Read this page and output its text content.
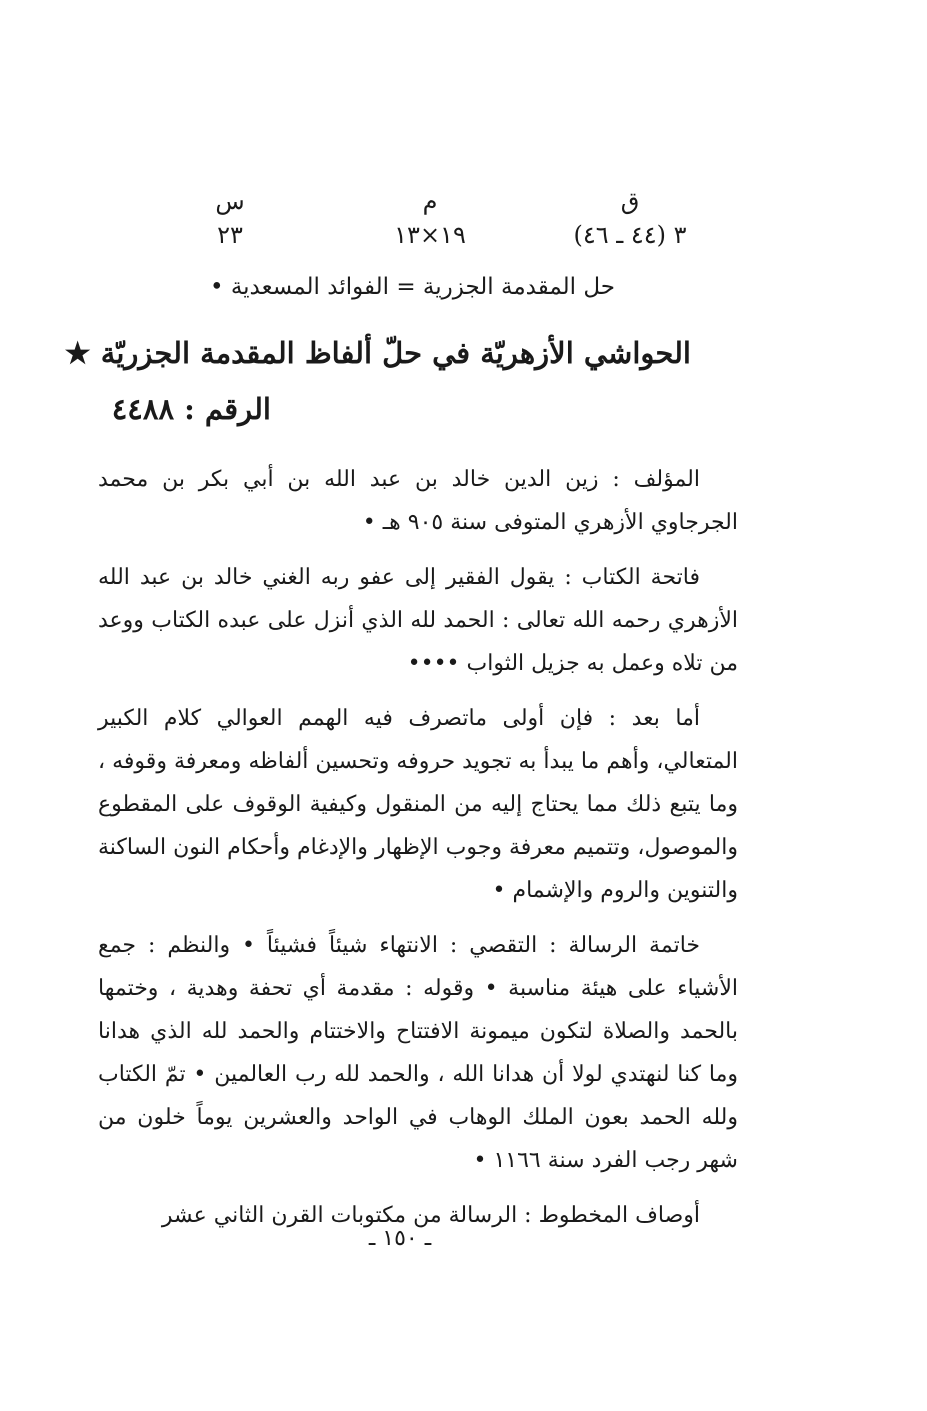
ق
٣ (٤٤ ـ ٤٦)
م
١٩×١٣
س
٢٣
حل المقدمة الجزرية = الفوائد المسعدية •
الحواشي الأزهريّة في حلّ ألفاظ المقدمة الجزريّة ★
الرقم : ٤٤٨٨

المؤلف : زين الدين خالد بن عبد الله بن أبي بكر بن محمد الجرجاوي الأزهري المتوفى سنة ٩٠٥ هـ •

فاتحة الكتاب : يقول الفقير إلى عفو ربه الغني خالد بن عبد الله الأزهري رحمه الله تعالى : الحمد لله الذي أنزل على عبده الكتاب ووعد من تلاه وعمل به جزيل الثواب ••••

أما بعد : فإن أولى ماتصرف فيه الهمم العوالي كلام الكبير المتعالي، وأهم ما يبدأ به تجويد حروفه وتحسين ألفاظه ومعرفة وقوفه ، وما يتبع ذلك مما يحتاج إليه من المنقول وكيفية الوقوف على المقطوع والموصول، وتتميم معرفة وجوب الإظهار والإدغام وأحكام النون الساكنة والتنوين والروم والإشمام •

خاتمة الرسالة : التقصي : الانتهاء شيئاً فشيئاً • والنظم : جمع الأشياء على هيئة مناسبة • وقوله : مقدمة أي تحفة وهدية ، وختمها بالحمد والصلاة لتكون ميمونة الافتتاح والاختتام والحمد لله الذي هدانا وما كنا لنهتدي لولا أن هدانا الله ، والحمد لله رب العالمين • تمّ الكتاب ولله الحمد بعون الملك الوهاب في الواحد والعشرين يوماً خلون من شهر رجب الفرد سنة ١١٦٦ •

أوصاف المخطوط : الرسالة من مكتوبات القرن الثاني عشر

ـ ١٥٠ ـ
